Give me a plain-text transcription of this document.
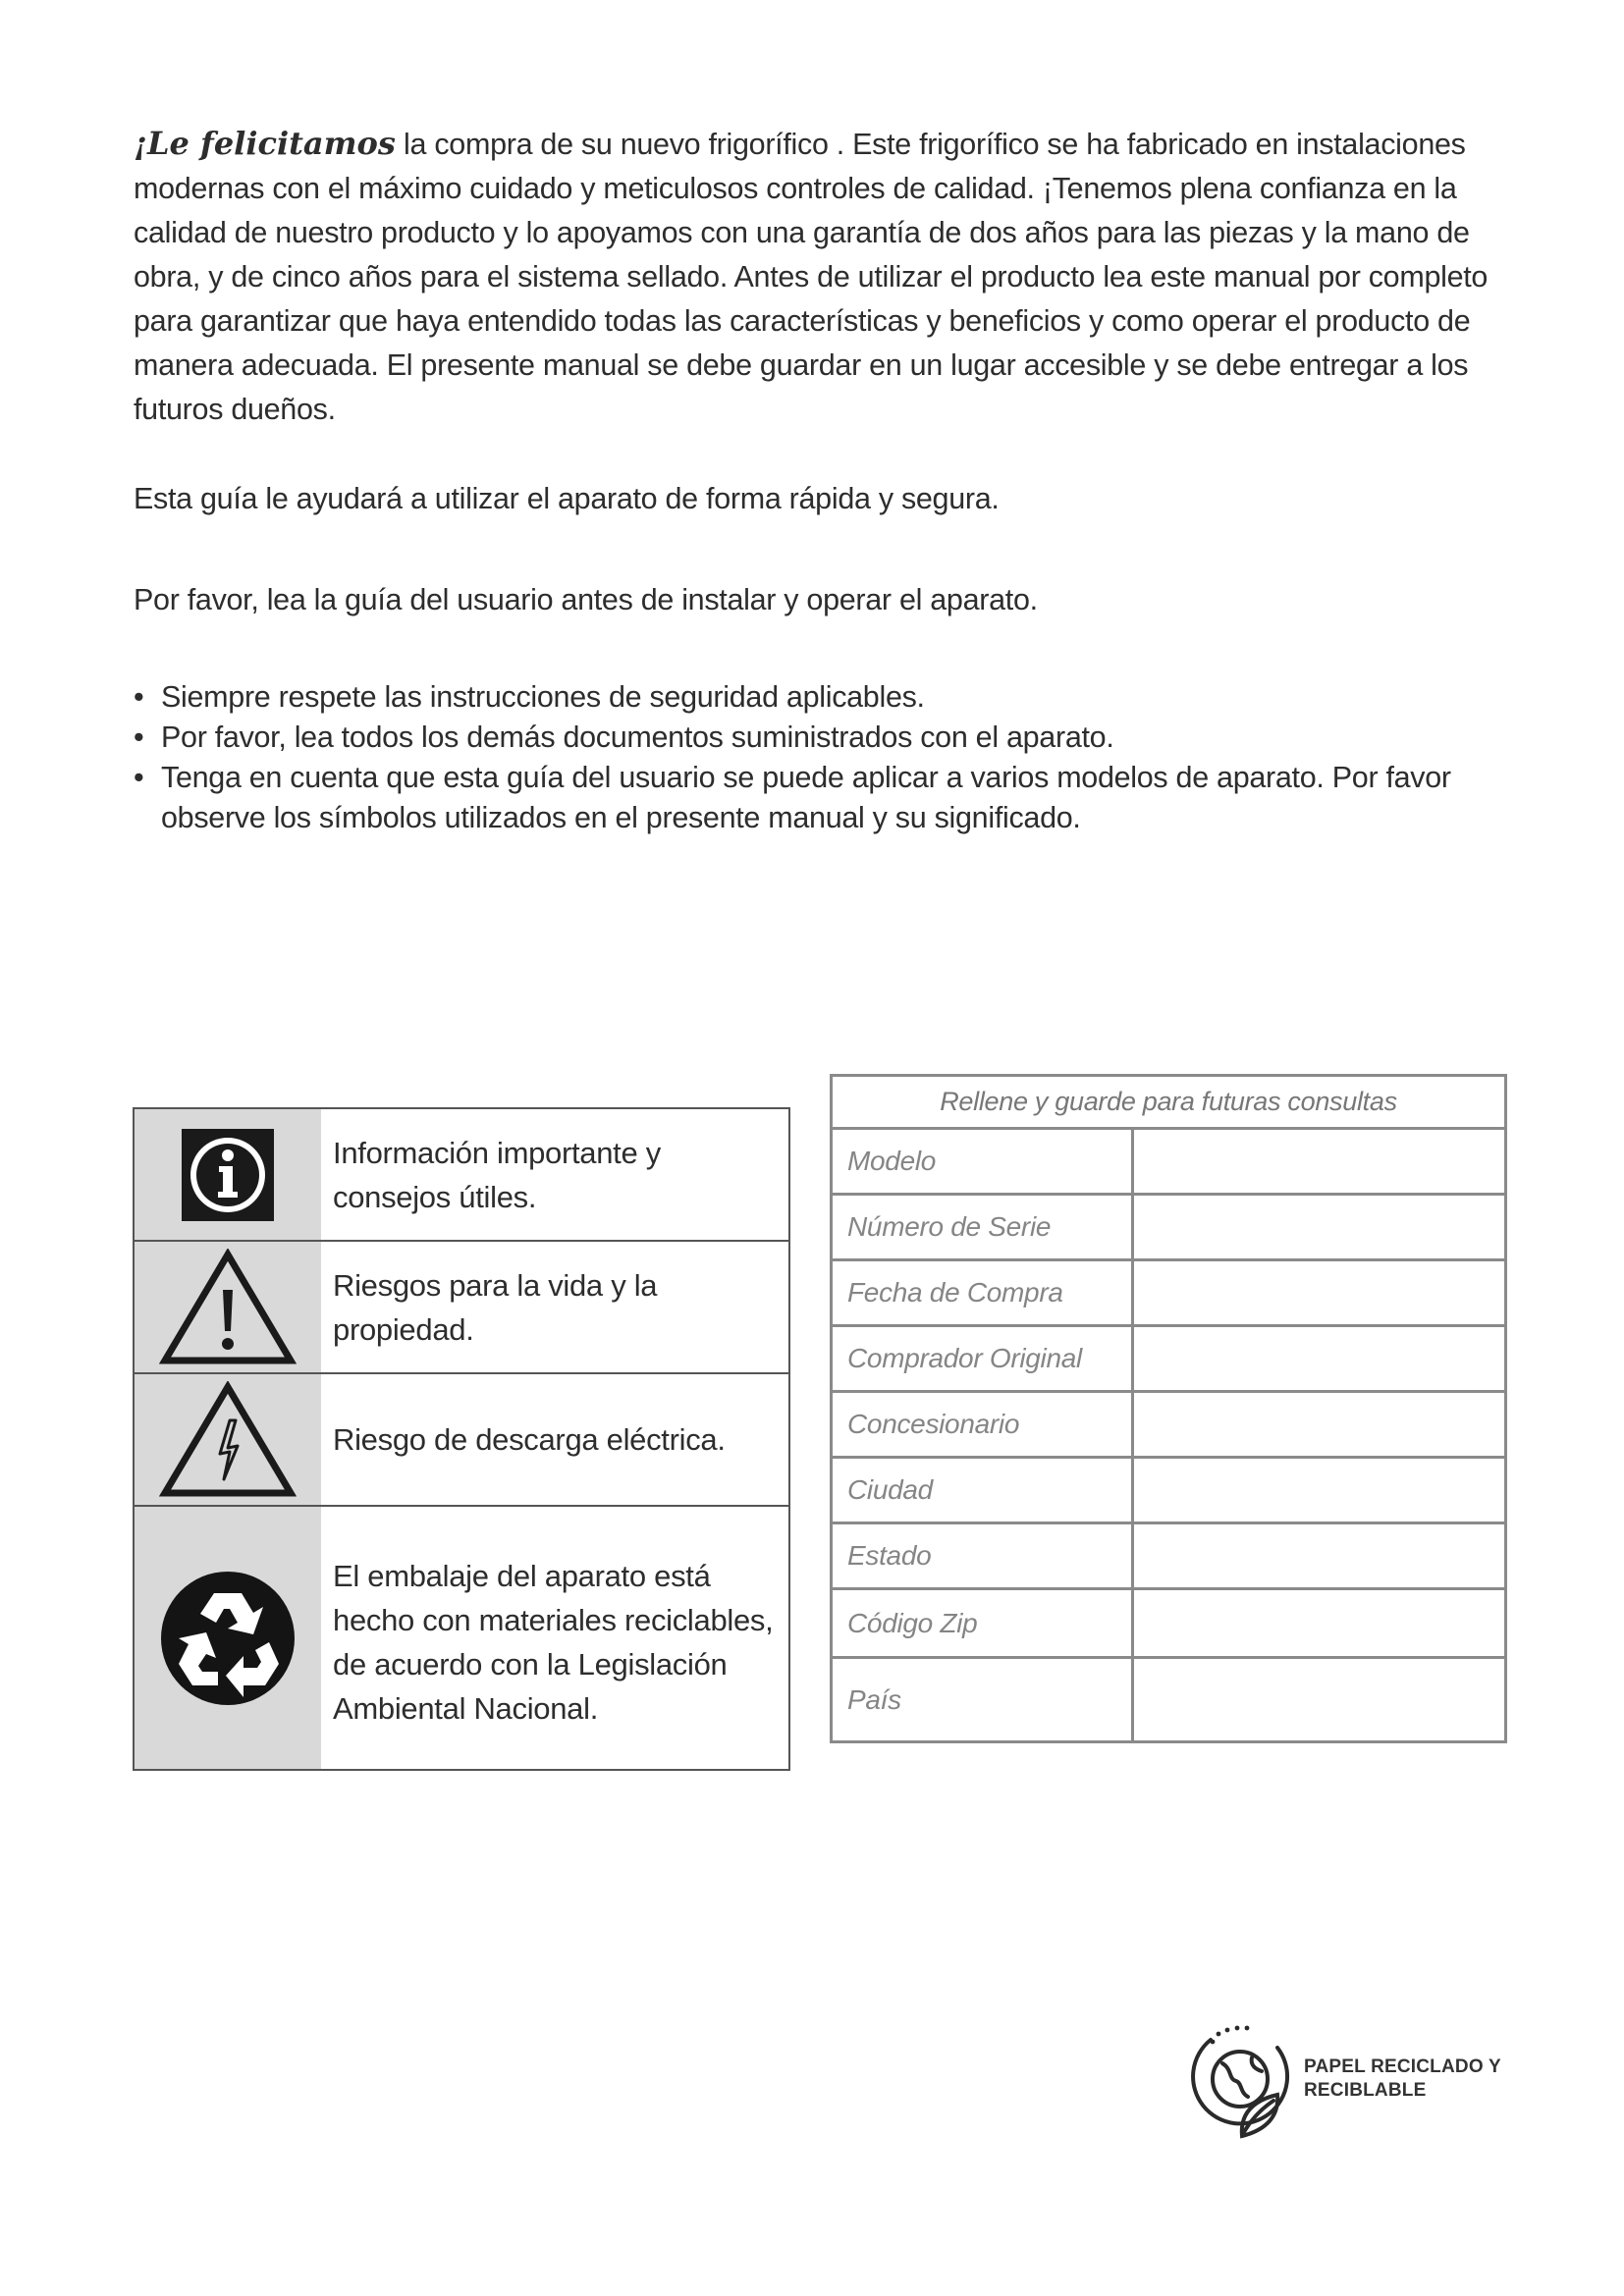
¡Le felicitamos la compra de su nuevo frigorífico . Este frigorífico se ha fabricado en instalaciones modernas con el máximo cuidado y meticulosos controles de calidad. ¡Tenemos plena confianza en la calidad de nuestro producto y lo apoyamos con una garantía de dos años para las piezas y la mano de obra, y de cinco años para el sistema sellado. Antes de utilizar el producto lea este manual por completo para garantizar que haya entendido todas las características y beneficios y como operar el producto de manera adecuada. El presente manual se debe guardar en un lugar accesible y se debe entregar a los futuros dueños.

Esta guía le ayudará a utilizar el aparato de forma rápida y segura.

Por favor, lea la guía del usuario antes de instalar y operar el aparato.

• Siempre respete las instrucciones de seguridad aplicables.
• Por favor, lea todos los demás documentos suministrados con el aparato.
• Tenga en cuenta que esta guía del usuario se puede aplicar a varios modelos de aparato. Por favor observe los símbolos utilizados en el presente manual y su significado.
Información importante y consejos útiles.
Riesgos para la vida y la propiedad.
Riesgo de descarga eléctrica.
El embalaje del aparato está hecho con materiales reciclables, de acuerdo con la Legislación Ambiental Nacional.
Rellene y guarde para futuras consultas
Modelo
Número de Serie
Fecha de Compra
Comprador Original
Concesionario
Ciudad
Estado
Código Zip
País
PAPEL RECICLADO Y
RECIBLABLE
